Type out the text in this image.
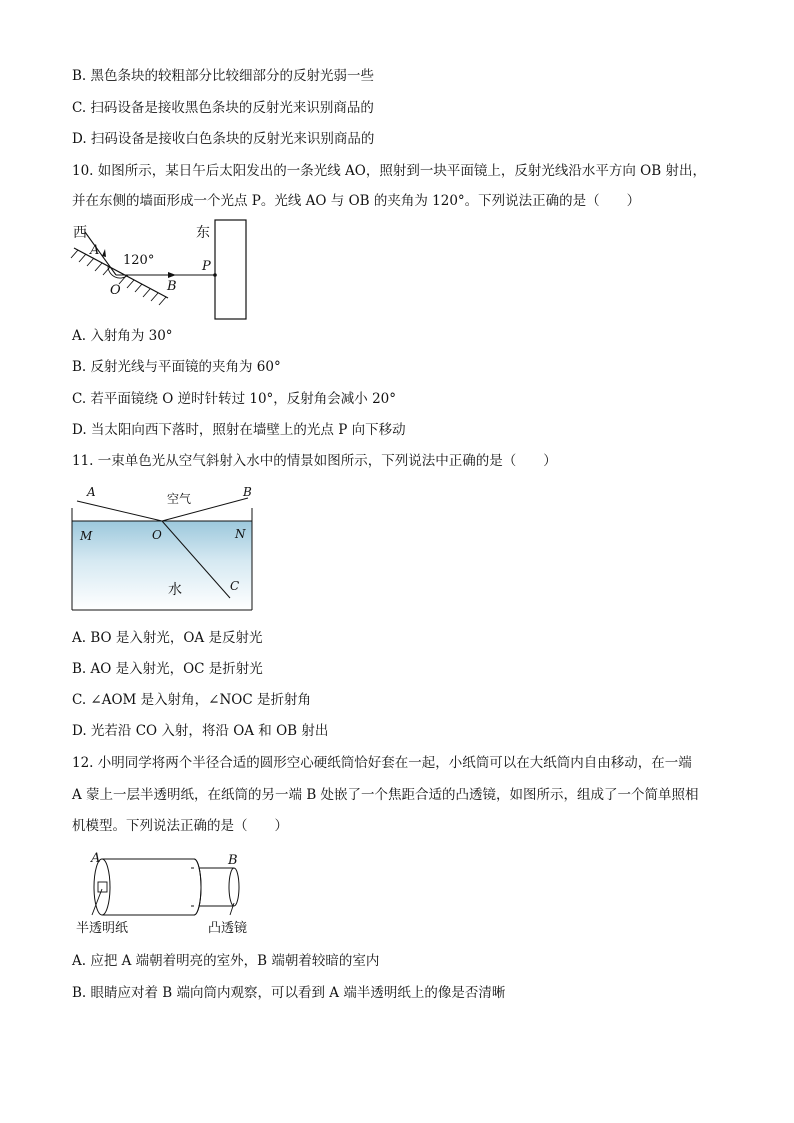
B. 黑色条块的较粗部分比较细部分的反射光弱一些
C. 扫码设备是接收黑色条块的反射光来识别商品的
D. 扫码设备是接收白色条块的反射光来识别商品的
10. 如图所示，某日午后太阳发出的一条光线 AO，照射到一块平面镜上，反射光线沿水平方向 OB 射出，
并在东侧的墙面形成一个光点 P。光线 AO 与 OB 的夹角为 120°。下列说法正确的是（　　）
西	东
A
120°
O	B
P
A. 入射角为 30°
B. 反射光线与平面镜的夹角为 60°
C. 若平面镜绕 O 逆时针转过 10°，反射角会减小 20°
D. 当太阳向西下落时，照射在墙壁上的光点 P 向下移动
11. 一束单色光从空气斜射入水中的情景如图所示，下列说法中正确的是（　　）
A	空气	B
M	O	N
水	C
A. BO 是入射光，OA 是反射光
B. AO 是入射光，OC 是折射光
C. ∠AOM 是入射角，∠NOC 是折射角
D. 光若沿 CO 入射，将沿 OA 和 OB 射出
12. 小明同学将两个半径合适的圆形空心硬纸筒恰好套在一起，小纸筒可以在大纸筒内自由移动，在一端
A 蒙上一层半透明纸，在纸筒的另一端 B 处嵌了一个焦距合适的凸透镜，如图所示，组成了一个简单照相
机模型。下列说法正确的是（　　）
A	B
半透明纸	凸透镜
A. 应把 A 端朝着明亮的室外，B 端朝着较暗的室内
B. 眼睛应对着 B 端向筒内观察，可以看到 A 端半透明纸上的像是否清晰
